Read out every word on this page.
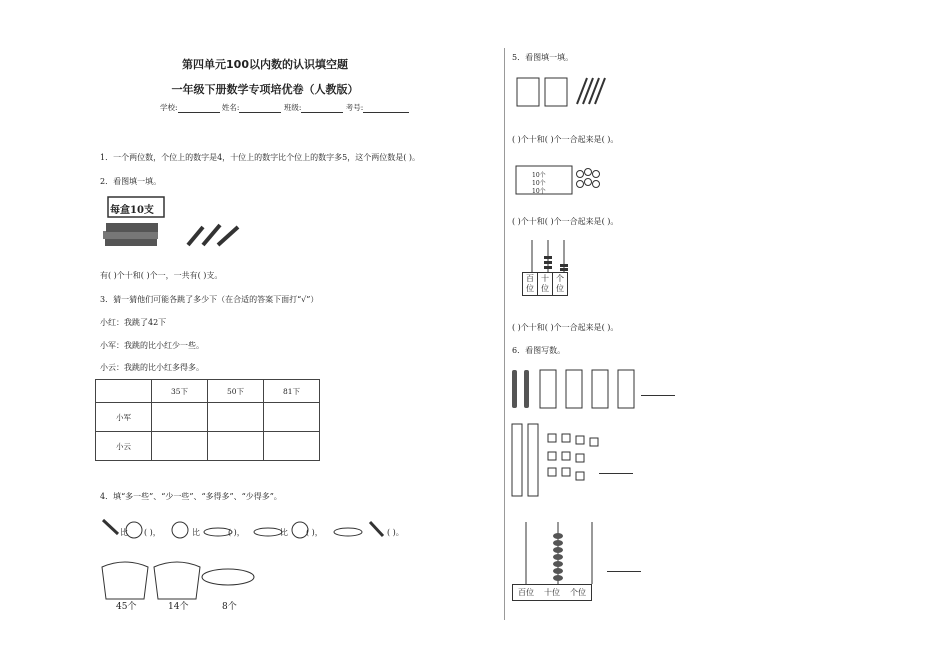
第四单元100以内数的认识填空题
一年级下册数学专项培优卷（人教版）
学校:	姓名:	班级:	考号:
1．一个两位数，个位上的数字是4，十位上的数字比个位上的数字多5，这个两位数是( )。
2．看图填一填。
每盒10支
有( )个十和( )个一，一共有( )支。
3．猜一猜他们可能各跳了多少下（在合适的答案下面打“√”）
小红：我跳了42下
小军：我跳的比小红少一些。
小云：我跳的比小红多得多。
	35下	50下	81下
小军			
小云			
4．填“多一些”、“少一些”、“多得多”、“少得多”。
比 ( )，	比	( )，	比 ( )，	( )。
45个	14个	8个
5．看图填一填。
( )个十和( )个一合起来是( )。
10个
10个
10个
( )个十和( )个一合起来是( )。
百位
十位
个位
( )个十和( )个一合起来是( )。
6．看图写数。
百位	十位	个位
